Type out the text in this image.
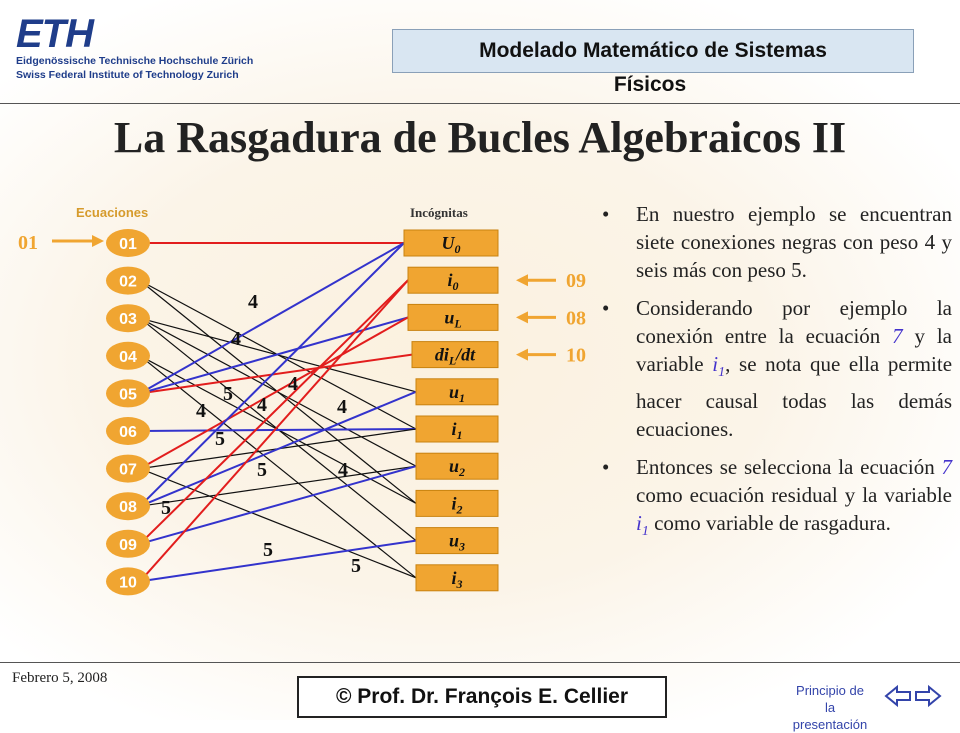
ETH
Eidgenössische Technische Hochschule Zürich
Swiss Federal Institute of Technology Zurich
Modelado Matemático de Sistemas
Físicos
La Rasgadura de Bucles Algebraicos II
01
02
03
04
05
06
07
08
09
10
$U_0$
$i_0$
$u_L$
$di_L/dt$
$u_1$
$i_1$
$u_2$
$i_2$
$u_3$
$i_3$
4
4
4
5 4	4
4
5
5	4
5
5
5
01
09
08
10
Ecuaciones	Incógnitas	• En nuestro ejemplo se encuentran siete conexiones negras con peso 4 y seis más con peso 5.
• Considerando por ejemplo la conexión entre la ecuación 7 y la variable $i_1$, se nota que ella permite hacer causal todas las demás ecuaciones.
• Entonces se selecciona la ecuación 7 como ecuación residual y la variable $i_1$ como variable de rasgadura.
Febrero 5, 2008
© Prof. Dr. François E. Cellier	Principio de la
presentación
